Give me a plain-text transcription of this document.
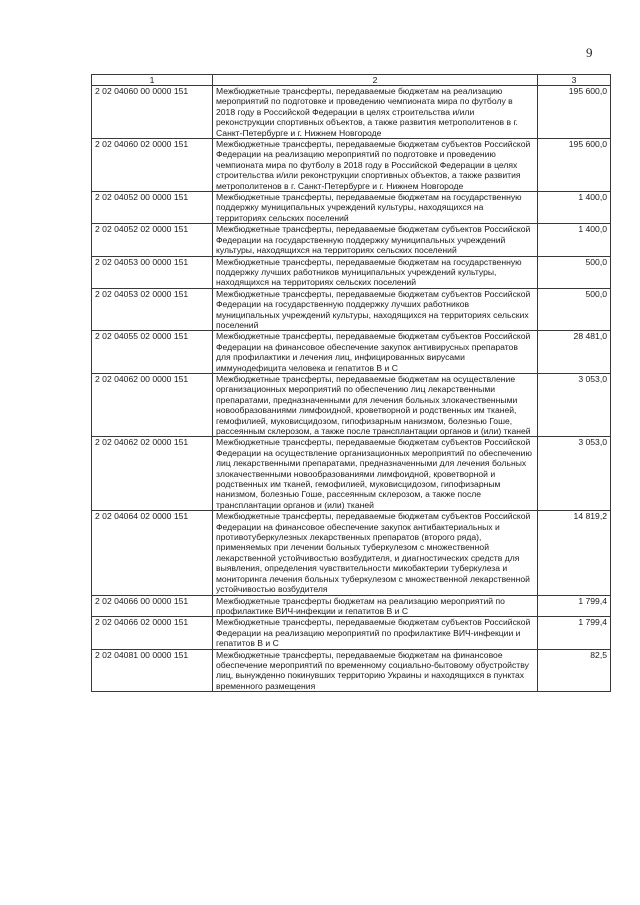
9
1	2	3
2 02 04060 00 0000 151	Межбюджетные трансферты, передаваемые бюджетам на реализацию мероприятий по подготовке и проведению чемпионата мира по футболу в 2018 году в Российской Федерации в целях строительства и/или реконструкции спортивных объектов, а также развития метрополитенов в г. Санкт-Петербурге и г. Нижнем Новгороде	195 600,0
2 02 04060 02 0000 151	Межбюджетные трансферты, передаваемые бюджетам субъектов Российской Федерации на реализацию мероприятий по подготовке и проведению чемпионата мира по футболу в 2018 году в Российской Федерации в целях строительства и/или реконструкции спортивных объектов, а также развития метрополитенов в г. Санкт-Петербурге и г. Нижнем Новгороде	195 600,0
2 02 04052 00 0000 151	Межбюджетные трансферты, передаваемые бюджетам на государственную поддержку муниципальных учреждений культуры, находящихся на территориях сельских поселений	1 400,0
2 02 04052 02 0000 151	Межбюджетные трансферты, передаваемые бюджетам субъектов Российской Федерации на государственную поддержку муниципальных учреждений культуры, находящихся на территориях сельских поселений	1 400,0
2 02 04053 00 0000 151	Межбюджетные трансферты, передаваемые бюджетам на государственную поддержку лучших работников муниципальных учреждений культуры, находящихся на территориях сельских поселений	500,0
2 02 04053 02 0000 151	Межбюджетные трансферты, передаваемые бюджетам субъектов Российской Федерации на государственную поддержку лучших работников муниципальных учреждений культуры, находящихся на территориях сельских поселений	500,0
2 02 04055 02 0000 151	Межбюджетные трансферты, передаваемые бюджетам субъектов Российской Федерации на финансовое обеспечение закупок антивирусных препаратов для профилактики и лечения лиц, инфицированных вирусами иммунодефицита человека и гепатитов В и С	28 481,0
2 02 04062 00 0000 151	Межбюджетные трансферты, передаваемые бюджетам на осуществление организационных мероприятий по обеспечению лиц лекарственными препаратами, предназначенными для лечения больных злокачественными новообразованиями лимфоидной, кроветворной и родственных им тканей, гемофилией, муковисцидозом, гипофизарным нанизмом, болезнью Гоше, рассеянным склерозом, а также после трансплантации органов и (или) тканей	3 053,0
2 02 04062 02 0000 151	Межбюджетные трансферты, передаваемые бюджетам субъектов Российской Федерации на осуществление организационных мероприятий по обеспечению лиц лекарственными препаратами, предназначенными для лечения больных злокачественными новообразованиями лимфоидной, кроветворной и родственных им тканей, гемофилией, муковисцидозом, гипофизарным нанизмом, болезнью Гоше, рассеянным склерозом, а также после трансплантации органов и (или) тканей	3 053,0
2 02 04064 02 0000 151	Межбюджетные трансферты, передаваемые бюджетам субъектов Российской Федерации на финансовое обеспечение закупок антибактериальных и противотуберкулезных лекарственных препаратов (второго ряда), применяемых при лечении больных туберкулезом с множественной лекарственной устойчивостью возбудителя, и диагностических средств для выявления, определения чувствительности микобактерии туберкулеза и мониторинга лечения больных туберкулезом с множественной лекарственной устойчивостью возбудителя	14 819,2
2 02 04066 00 0000 151	Межбюджетные трансферты бюджетам на реализацию мероприятий по профилактике ВИЧ-инфекции и гепатитов В и С	1 799,4
2 02 04066 02 0000 151	Межбюджетные трансферты, передаваемые бюджетам субъектов Российской Федерации на реализацию мероприятий по профилактике ВИЧ-инфекции и гепатитов В и С	1 799,4
2 02 04081 00 0000 151	Межбюджетные трансферты, передаваемые бюджетам на финансовое обеспечение мероприятий по временному социально-бытовому обустройству лиц, вынужденно покинувших территорию Украины и находящихся в пунктах временного размещения	82,5
